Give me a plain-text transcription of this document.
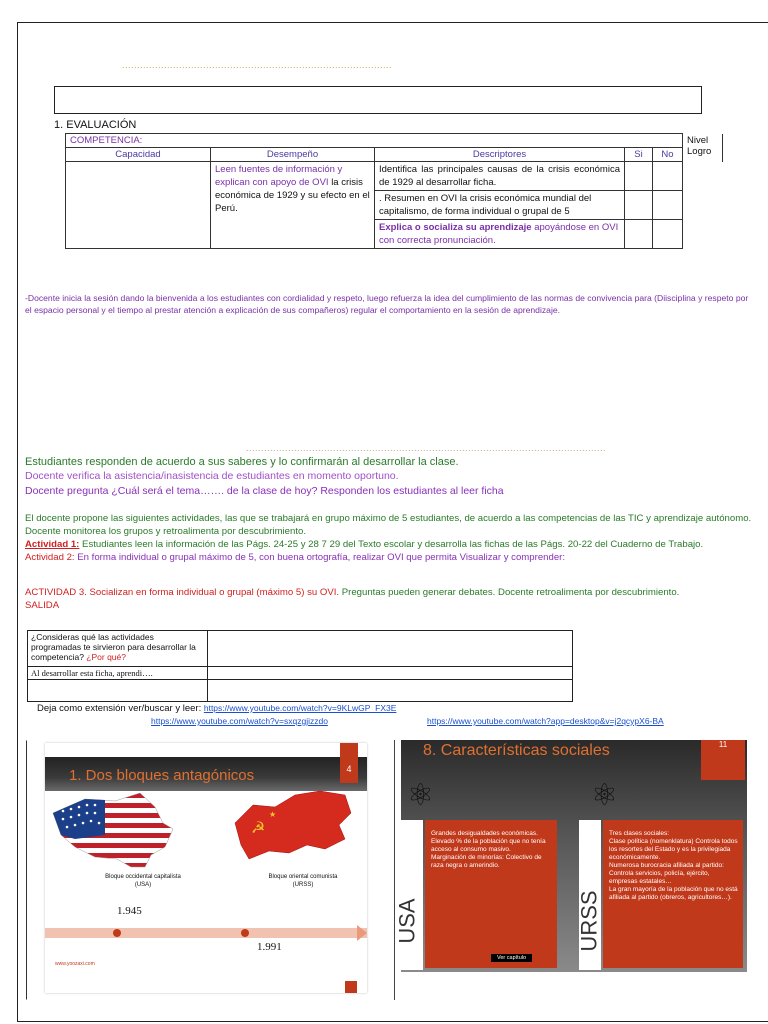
..........................................................................................
1. EVALUACIÓN
COMPETENCIA:					Nivel Logro
Capacidad	Desempeño	Descriptores	Si	No	
	Leen fuentes de información y explican con apoyo de OVI la crisis económica de 1929 y su efecto en el Perú.	Identifica las principales causas de la crisis económica de 1929 al desarrollar ficha.			
		. Resumen en OVI la crisis económica mundial del capitalismo, de forma individual o grupal de 5			
		Explica o socializa su aprendizaje apoyándose en OVI con correcta pronunciación.			
-Docente inicia la sesión dando la bienvenida a los estudiantes con cordialidad y respeto, luego refuerza la idea del cumplimiento de las normas de convivencia para (Diisciplina y respeto por el espacio personal y el tiempo al prestar atención a explicación de sus compañeros) regular el comportamiento en la sesión de aprendizaje.
........................................................................................................................
Estudiantes responden de acuerdo a sus saberes y lo confirmarán al desarrollar la clase.
Docente verifica la asistencia/inasistencia de estudiantes en momento oportuno.
Docente pregunta ¿Cuál será el tema……. de la clase de hoy? Responden los estudiantes al leer ficha
El docente propone las siguientes actividades, las que se trabajará en grupo máximo de 5 estudiantes, de acuerdo a las competencias de las TIC y aprendizaje autónomo. Docente monitorea los grupos y retroalimenta por descubrimiento.
Actividad 1: Estudiantes leen la información de las Págs. 24-25 y 28 7 29 del Texto escolar y desarrolla las fichas de las Págs. 20-22 del Cuaderno de Trabajo.
Actividad 2: En forma individual o grupal máximo de 5, con buena ortografía, realizar OVI que permita Visualizar y comprender:
ACTIVIDAD 3. Socializan en forma individual o grupal (máximo 5) su OVI. Preguntas pueden generar debates. Docente retroalimenta por descubrimiento.
SALIDA
¿Consideras qué las actividades programadas te sirvieron para desarrollar la competencia? ¿Por qué?	
Al desarrollar esta ficha, aprendi….	

Deja como extensión ver/buscar y leer: https://www.youtube.com/watch?v=9KLwGP_FX3E
https://www.youtube.com/watch?v=sxqzgjizzdo	https://www.youtube.com/watch?app=desktop&v=j2qcypX6-BA
1. Dos bloques antagónicos	4
☭
★
Bloque occidental capitalista (USA)
Bloque oriental comunista (URSS)
1.945
1.991
www.yoozaxi.com
8. Características sociales	11
USA	URSS
⚛	⚛
Grandes desigualdades económicas.
Elevado % de la población que no tenía acceso al consumo masivo.
Marginación de minorías: Colectivo de raza negra o amerindio.
Ver capítulo
Tres clases sociales:
Clase política (nomenklatura) Controla todos los resortes del Estado y es la privilegiada económicamente.
Numerosa burocracia afiliada al partido: Controla servicios, policía, ejército, empresas estatales…
La gran mayoría de la población que no está afiliada al partido (obreros, agricultores…).
